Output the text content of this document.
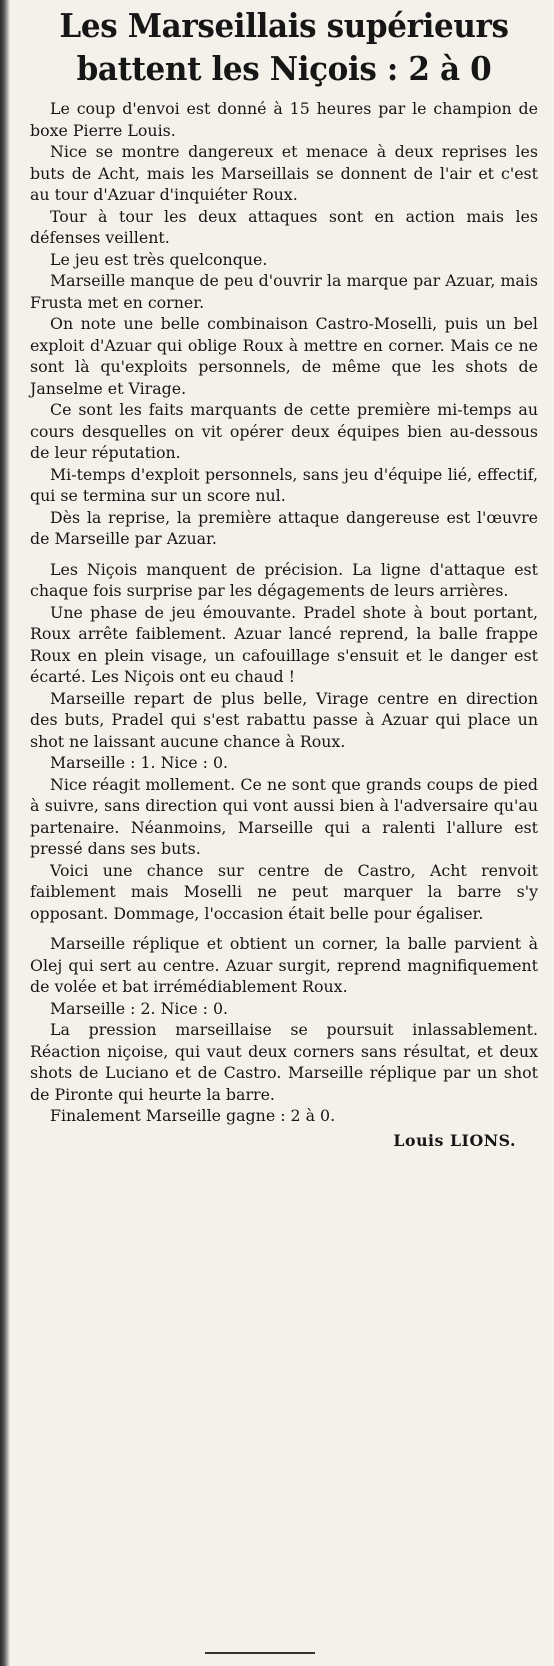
Les Marseillais supérieurs
battent les Niçois : 2 à 0

Le coup d'envoi est donné à 15 heures par le champion de boxe Pierre Louis.

Nice se montre dangereux et menace à deux reprises les buts de Acht, mais les Marseillais se donnent de l'air et c'est au tour d'Azuar d'inquiéter Roux.

Tour à tour les deux attaques sont en action mais les défenses veillent.

Le jeu est très quelconque.

Marseille manque de peu d'ouvrir la marque par Azuar, mais Frusta met en corner.

On note une belle combinaison Castro-Moselli, puis un bel exploit d'Azuar qui oblige Roux à mettre en corner. Mais ce ne sont là qu'exploits personnels, de même que les shots de Janselme et Virage.

Ce sont les faits marquants de cette première mi-temps au cours desquelles on vit opérer deux équipes bien au-dessous de leur réputation.

Mi-temps d'exploit personnels, sans jeu d'équipe lié, effectif, qui se termina sur un score nul.

Dès la reprise, la première attaque dangereuse est l'œuvre de Marseille par Azuar.

Les Niçois manquent de précision. La ligne d'attaque est chaque fois surprise par les dégagements de leurs arrières.

Une phase de jeu émouvante. Pradel shote à bout portant, Roux arrête faiblement. Azuar lancé reprend, la balle frappe Roux en plein visage, un cafouillage s'ensuit et le danger est écarté. Les Niçois ont eu chaud !

Marseille repart de plus belle, Virage centre en direction des buts, Pradel qui s'est rabattu passe à Azuar qui place un shot ne laissant aucune chance à Roux.

Marseille : 1. Nice : 0.

Nice réagit mollement. Ce ne sont que grands coups de pied à suivre, sans direction qui vont aussi bien à l'adversaire qu'au partenaire. Néanmoins, Marseille qui a ralenti l'allure est pressé dans ses buts.

Voici une chance sur centre de Castro, Acht renvoit faiblement mais Moselli ne peut marquer la barre s'y opposant. Dommage, l'occasion était belle pour égaliser.

Marseille réplique et obtient un corner, la balle parvient à Olej qui sert au centre. Azuar surgit, reprend magnifiquement de volée et bat irrémédiablement Roux.

Marseille : 2. Nice : 0.

La pression marseillaise se poursuit inlassablement. Réaction niçoise, qui vaut deux corners sans résultat, et deux shots de Luciano et de Castro. Marseille réplique par un shot de Pironte qui heurte la barre.

Finalement Marseille gagne : 2 à 0.

Louis LIONS.
